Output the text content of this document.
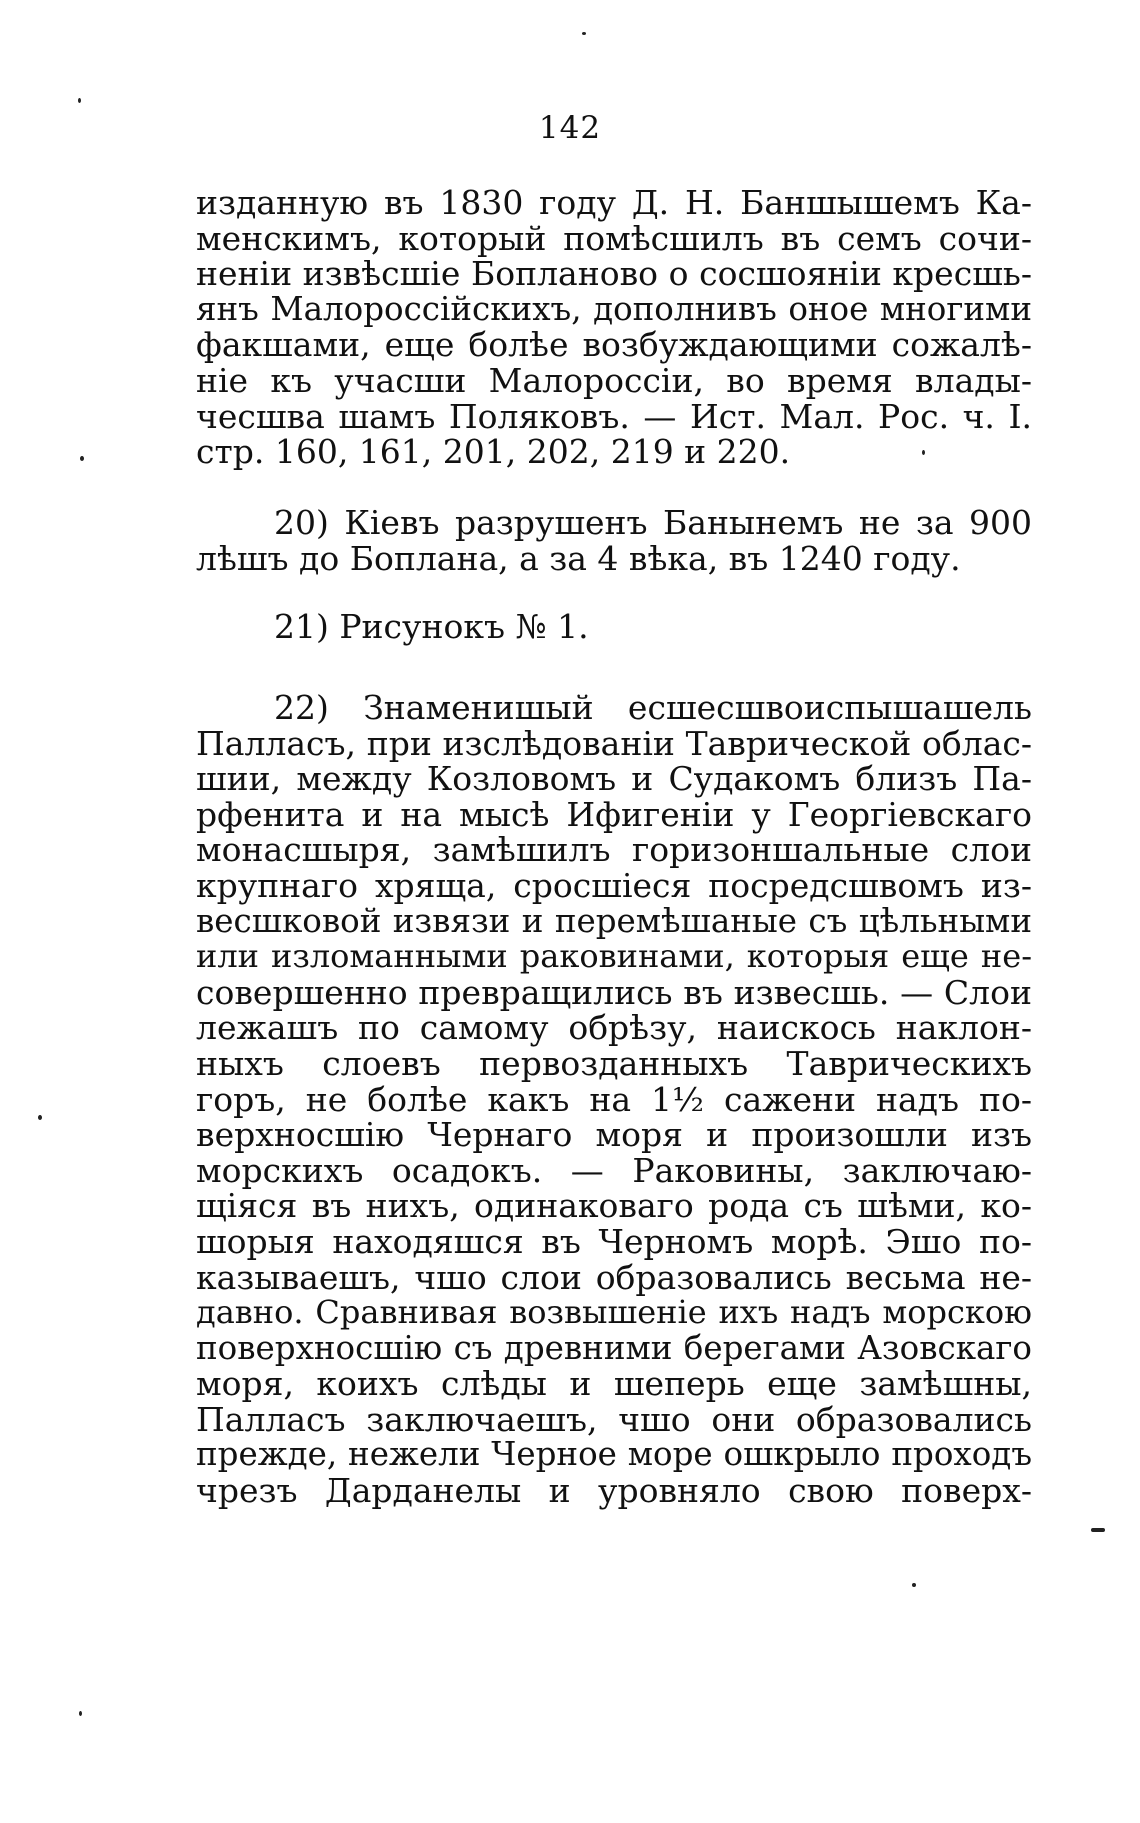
142
изданную въ 1830 году Д. Н. Баншышемъ Ка-
менскимъ, который помѣсшилъ въ семъ сочи-
неніи извѣсшіе Бопланово о сосшояніи кресшь-
янъ Малороссійскихъ, дополнивъ оное многими
факшами, еще болѣе возбуждающими сожалѣ-
ніе къ учасши Малороссіи, во время влады-
чесшва шамъ Поляковъ. — Ист. Мал. Рос. ч. І.
стр. 160, 161, 201, 202, 219 и 220.
20) Кіевъ разрушенъ Банынемъ не за 900
лѣшъ до Боплана, а за 4 вѣка, въ 1240 году.
21) Рисунокъ № 1.
22) Знаменишый есшесшвоиспышашель
Палласъ, при изслѣдованіи Таврической облас-
шии, между Козловомъ и Судакомъ близъ Па-
рфенита и на мысѣ Ифигеніи у Георгіевскаго
монасшыря, замѣшилъ горизоншальные слои
крупнаго хряща, сросшіеся посредсшвомъ из-
весшковой извязи и перемѣшаные съ цѣльными
или изломанными раковинами, которыя еще не-
совершенно превращились въ извесшь. — Слои
лежашъ по самому обрѣзу, наискось наклон-
ныхъ слоевъ первозданныхъ Таврическихъ
горъ, не болѣе какъ на 1½ сажени надъ по-
верхносшію Чернаго моря и произошли изъ
морскихъ осадокъ. — Раковины, заключаю-
щіяся въ нихъ, одинаковаго рода съ шѣми, ко-
шорыя находяшся въ Черномъ морѣ. Эшо по-
казываешъ, чшо слои образовались весьма не-
давно. Сравнивая возвышеніе ихъ надъ морскою
поверхносшію съ древними берегами Азовскаго
моря, коихъ слѣды и шеперь еще замѣшны,
Палласъ заключаешъ, чшо они образовались
прежде, нежели Черное море ошкрыло проходъ
чрезъ Дарданелы и уровняло свою поверх-
